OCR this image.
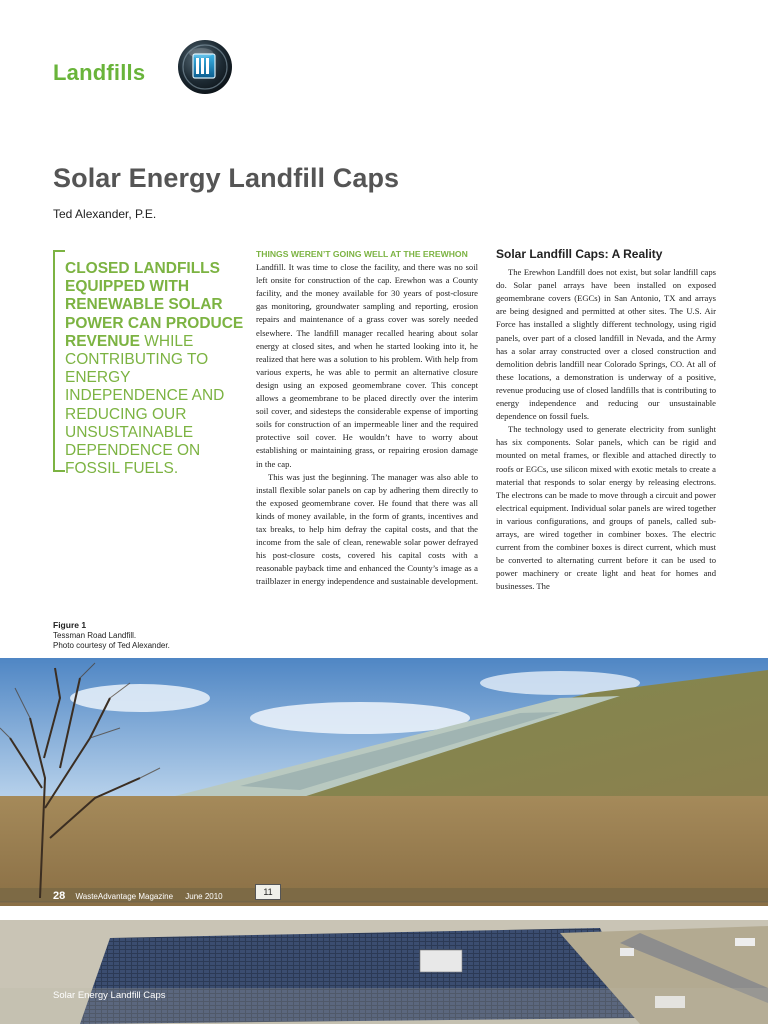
Landfills
Solar Energy Landfill Caps
Ted Alexander, P.E.
CLOSED LANDFILLS EQUIPPED WITH RENEWABLE SOLAR POWER CAN PRODUCE REVENUE WHILE CONTRIBUTING TO ENERGY INDEPENDENCE AND REDUCING OUR UNSUSTAINABLE DEPENDENCE ON FOSSIL FUELS.
Figure 1
Tessman Road Landfill.
Photo courtesy of Ted Alexander.
THINGS WEREN’T GOING WELL AT THE EREWHON

Landfill. It was time to close the facility, and there was no soil left onsite for construction of the cap. Erewhon was a County facility, and the money available for 30 years of post-closure gas monitoring, groundwater sampling and reporting, erosion repairs and maintenance of a grass cover was sorely needed elsewhere. The landfill manager recalled hearing about solar energy at closed sites, and when he started looking into it, he realized that here was a solution to his problem. With help from various experts, he was able to permit an alternative closure design using an exposed geomembrane cover. This concept allows a geomembrane to be placed directly over the interim soil cover, and sidesteps the considerable expense of importing soils for construction of an impermeable liner and the required protective soil cover. He wouldn’t have to worry about establishing or maintaining grass, or repairing erosion damage in the cap.

This was just the beginning. The manager was also able to install flexible solar panels on cap by adhering them directly to the exposed geomembrane cover. He found that there was all kinds of money available, in the form of grants, incentives and tax breaks, to help him defray the capital costs, and that the income from the sale of clean, renewable solar power defrayed his post-closure costs, covered his capital costs with a reasonable payback time and enhanced the County’s image as a trailblazer in energy independence and sustainable development.

Solar Landfill Caps: A Reality

The Erewhon Landfill does not exist, but solar landfill caps do. Solar panel arrays have been installed on exposed geomembrane covers (EGCs) in San Antonio, TX and arrays are being designed and permitted at other sites. The U.S. Air Force has installed a slightly different technology, using rigid panels, over part of a closed landfill in Nevada, and the Army has a solar array constructed over a closed construction and demolition debris landfill near Colorado Springs, CO. At all of these locations, a demonstration is underway of a positive, revenue producing use of closed landfills that is contributing to energy independence and reducing our unsustainable dependence on fossil fuels.

The technology used to generate electricity from sunlight has six components. Solar panels, which can be rigid and mounted on metal frames, or flexible and attached directly to roofs or EGCs, use silicon mixed with exotic metals to create a material that responds to solar energy by releasing electrons. The electrons can be made to move through a circuit and power electrical equipment. Individual solar panels are wired together in various configurations, and groups of panels, called sub-arrays, are wired together in combiner boxes. The electric current from the combiner boxes is direct current, which must be converted to alternating current before it can be used to power machinery or create light and heat for homes and businesses. The

11
28 WasteAdvantage Magazine June 2010
Solar Energy Landfill Caps
